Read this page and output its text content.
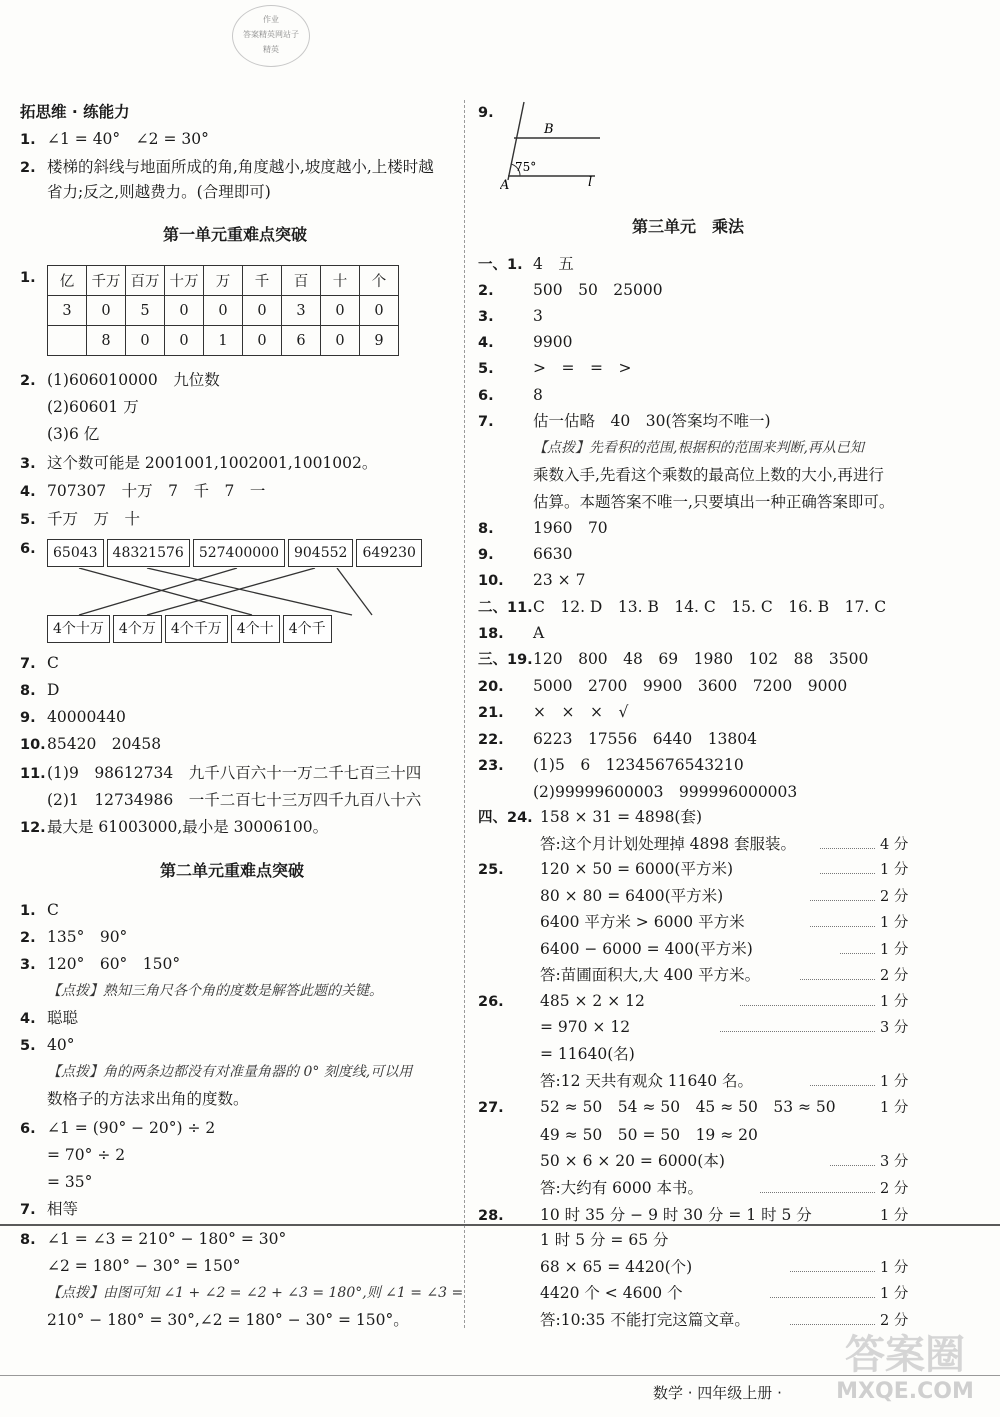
作业
答案精英网站子
精英
拓思维 · 练能力
1. ∠1 = 40°　∠2 = 30°
2. 楼梯的斜线与地面所成的角,角度越小,坡度越小,上楼时越
省力;反之,则越费力。(合理即可)
第一单元重难点突破
1. 亿	千万	百万	十万	万	千	百	十	个
3	0	5	0	0	0	3	0	0
	8	0	0	1	0	6	0	9
2. (1)606010000　九位数
(2)60601 万
(3)6 亿
3. 这个数可能是 2001001,1002001,1001002。
4. 707307　十万　7　千　7　一
5. 千万　万　十
6.	65043	48321576	527400000	904552	649230
4个十万	4个万	4个千万	4个十	4个千
7. C
8. D
9. 40000440
10. 85420　20458
11. (1)9　98612734　九千八百六十一万二千七百三十四
(2)1　12734986　一千二百七十三万四千九百八十六
12. 最大是 61003000,最小是 30006100。
第二单元重难点突破
1. C
2. 135°　90°
3. 120°　60°　150°
【点拨】熟知三角尺各个角的度数是解答此题的关键。
4. 聪聪
5. 40°
【点拨】角的两条边都没有对准量角器的 0° 刻度线,可以用
数格子的方法求出角的度数。
6. ∠1 = (90° − 20°) ÷ 2
= 70° ÷ 2
= 35°
7. 相等
8. ∠1 = ∠3 = 210° − 180° = 30°
∠2 = 180° − 30° = 150°
【点拨】由图可知 ∠1 + ∠2 = ∠2 + ∠3 = 180°,则 ∠1 = ∠3 =
210° − 180° = 30°,∠2 = 180° − 30° = 150°。
9.
B
A
75°
l
第三单元　乘法
一、1. 4　五
2.	500　50　25000
3.	3
4.	9900
5.	>　=　=　>
6.	8
7.	估一估略　40　30(答案均不唯一)
【点拨】先看积的范围,根据积的范围来判断,再从已知
乘数入手,先看这个乘数的最高位上数的大小,再进行
估算。本题答案不唯一,只要填出一种正确答案即可。
8.	1960　70
9.	6630
10. 23 × 7
二、11. C　12. D　13. B　14. C　15. C　16. B　17. C
18. A
三、19. 120　800　48　69　1980　102　88　3500
20. 5000　2700　9900　3600　7200　9000
21. ×　×　×　√
22. 6223　17556　6440　13804
23. (1)5　6　12345676543210
(2)99999600003　999996000003
四、24. 158 × 31 = 4898(套)
答:这个月计划处理掉 4898 套服装。	4 分
25. 120 × 50 = 6000(平方米)	1 分
80 × 80 = 6400(平方米)	2 分
6400 平方米 > 6000 平方米	1 分
6400 − 6000 = 400(平方米)	1 分
答:苗圃面积大,大 400 平方米。	2 分
26. 485 × 2 × 12	1 分
= 970 × 12	3 分
= 11640(名)
答:12 天共有观众 11640 名。	1 分
27. 52 ≈ 50　54 ≈ 50　45 ≈ 50　53 ≈ 50	1 分
49 ≈ 50　50 = 50　19 ≈ 20
50 × 6 × 20 = 6000(本)	3 分
答:大约有 6000 本书。	2 分
28. 10 时 35 分 − 9 时 30 分 = 1 时 5 分	1 分
1 时 5 分 = 65 分
68 × 65 = 4420(个)	1 分
4420 个 < 4600 个	1 分
答:10:35 不能打完这篇文章。	2 分
数学 · 四年级上册 ·
答案圈
MXQE.COM
